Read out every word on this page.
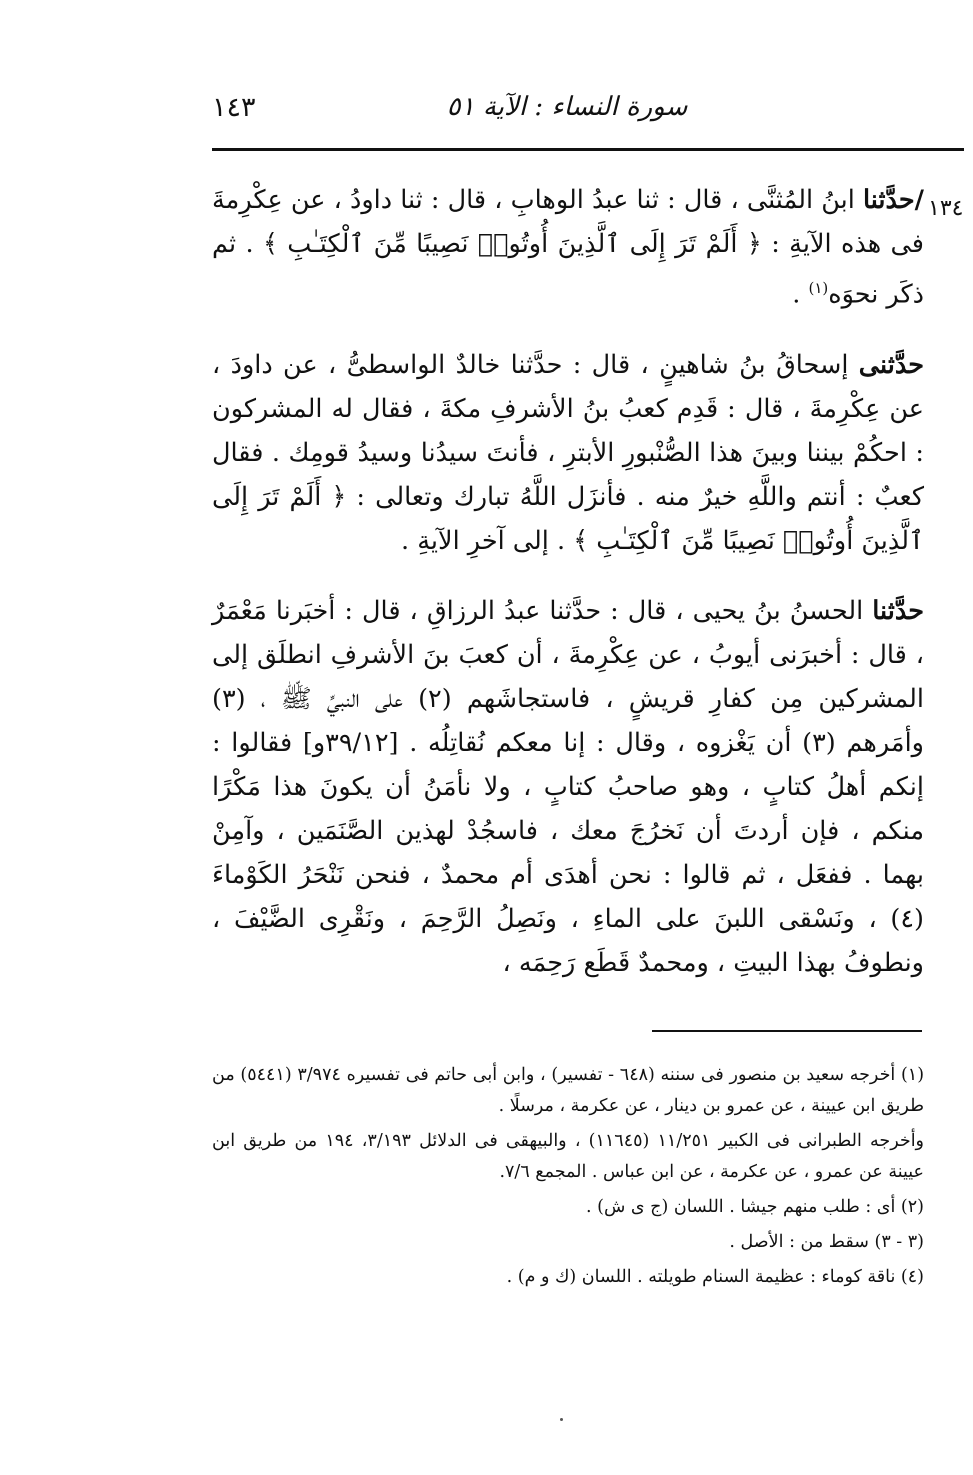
سورة النساء : الآية ٥١
١٤٣
١٣٤

/حدَّثنا ابنُ المُثنَّى ، قال : ثنا عبدُ الوهابِ ، قال : ثنا داودُ ، عن عِكْرِمةَ فى هذه الآيةِ : ﴿ أَلَمْ تَرَ إِلَى ٱلَّذِينَ أُوتُوا۟ نَصِيبًا مِّنَ ٱلْكِتَـٰبِ ﴾ . ثم ذكَر نحوَه$^{(١)}$ .

حدَّثنى إسحاقُ بنُ شاهينٍ ، قال : حدَّثنا خالدٌ الواسطىُّ ، عن داودَ ، عن عِكْرِمةَ ، قال : قَدِم كعبُ بنُ الأشرفِ مكةَ ، فقال له المشركون : احكُمْ بيننا وبينَ هذا الصُّنْبورِ الأبترِ ، فأنتَ سيدُنا وسيدُ قومِك . فقال كعبٌ : أنتم واللَّهِ خيرٌ منه . فأنزَل اللَّهُ تبارك وتعالى : ﴿ أَلَمْ تَرَ إِلَى ٱلَّذِينَ أُوتُوا۟ نَصِيبًا مِّنَ ٱلْكِتَـٰبِ ﴾ . إلى آخرِ الآيةِ .

حدَّثنا الحسنُ بنُ يحيى ، قال : حدَّثنا عبدُ الرزاقِ ، قال : أخبَرنا مَعْمَرٌ ، قال : أخبرَنى أيوبُ ، عن عِكْرِمةَ ، أن كعبَ بنَ الأشرفِ انطلَق إلى المشركين مِن كفارِ قريشٍ ، فاستجاشَهم (٢) على النبيِّ ﷺ ، (٣) وأمَرهم (٣) أن يَغْزوه ، وقال : إنا معكم نُقاتِلُه . [٣٩/١٢و] فقالوا : إنكم أهلُ كتابٍ ، وهو صاحبُ كتابٍ ، ولا نأمَنُ أن يكونَ هذا مَكْرًا منكم ، فإن أردتَ أن نَخرُجَ معك ، فاسجُدْ لهذين الصَّنَمَين ، وآمِنْ بهما . ففعَل ، ثم قالوا : نحن أهدَى أم محمدٌ ، فنحن نَنْحَرُ الكَوْماءَ (٤) ، ونَسْقى اللبنَ على الماءِ ، ونَصِلُ الرَّحِمَ ، ونَقْرِى الضَّيْفَ ، ونطوفُ بهذا البيتِ ، ومحمدٌ قَطَع رَحِمَه ،

(١) أخرجه سعيد بن منصور فى سننه (٦٤٨ - تفسير) ، وابن أبى حاتم فى تفسيره ٣/٩٧٤ (٥٤٤١) من طريق ابن عيينة ، عن عمرو بن دينار ، عن عكرمة ، مرسلًا .

وأخرجه الطبرانى فى الكبير ١١/٢٥١ (١١٦٤٥) ، والبيهقى فى الدلائل ٣/١٩٣، ١٩٤ من طريق ابن عيينة عن عمرو ، عن عكرمة ، عن ابن عباس . المجمع ٧/٦.

(٢) أى : طلب منهم جيشا . اللسان (ج ى ش) .

(٣ - ٣) سقط من : الأصل .

(٤) ناقة كوماء : عظيمة السنام طويلته . اللسان (ك و م) .
